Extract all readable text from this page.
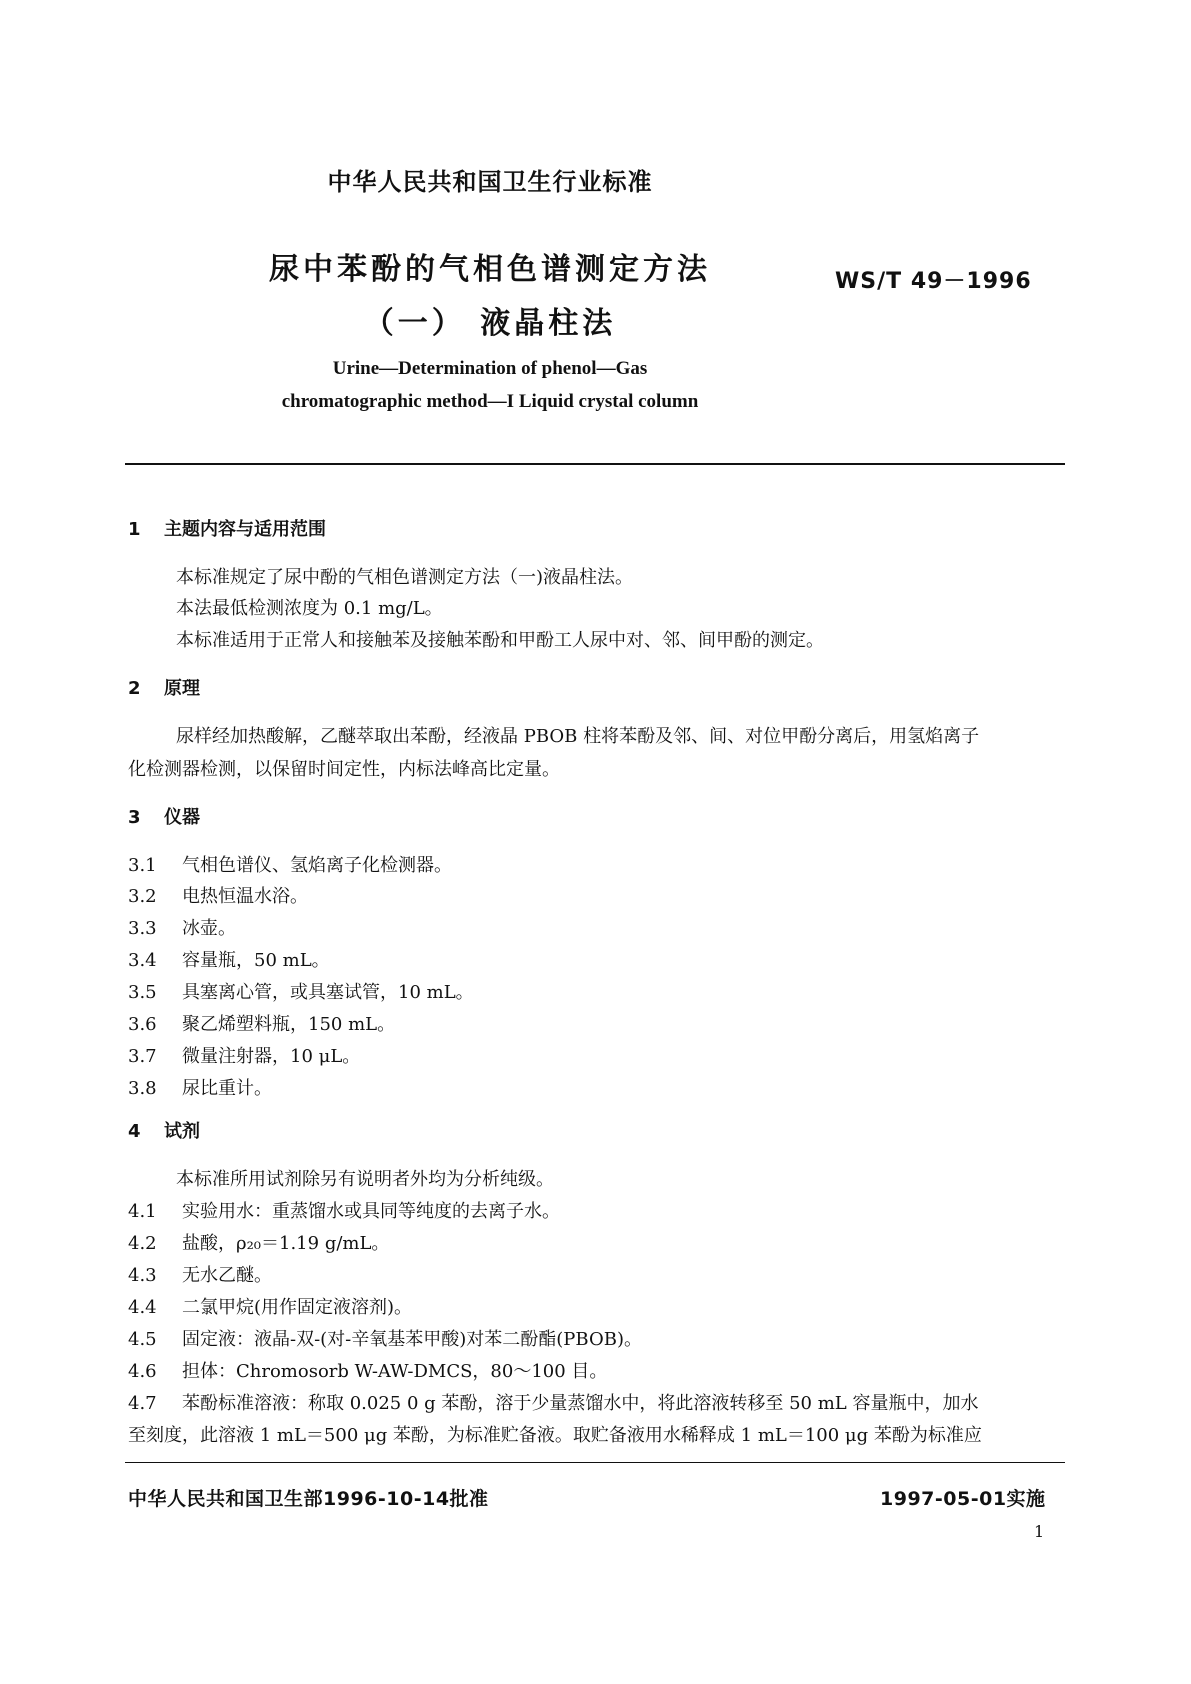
中华人民共和国卫生行业标准
尿中苯酚的气相色谱测定方法
（一） 液晶柱法
WS/T 49－1996
Urine—Determination of phenol—Gas
chromatographic method—I Liquid crystal column
1 主题内容与适用范围
本标准规定了尿中酚的气相色谱测定方法（一)液晶柱法。
本法最低检测浓度为 0.1 mg/L。
本标准适用于正常人和接触苯及接触苯酚和甲酚工人尿中对、邻、间甲酚的测定。
2 原理
尿样经加热酸解，乙醚萃取出苯酚，经液晶 PBOB 柱将苯酚及邻、间、对位甲酚分离后，用氢焰离子
化检测器检测，以保留时间定性，内标法峰高比定量。
3 仪器
3.1 气相色谱仪、氢焰离子化检测器。
3.2 电热恒温水浴。
3.3 冰壶。
3.4 容量瓶，50 mL。
3.5 具塞离心管，或具塞试管，10 mL。
3.6 聚乙烯塑料瓶，150 mL。
3.7 微量注射器，10 μL。
3.8 尿比重计。
4 试剂
本标准所用试剂除另有说明者外均为分析纯级。
4.1 实验用水：重蒸馏水或具同等纯度的去离子水。
4.2 盐酸，ρ₂₀＝1.19 g/mL。
4.3 无水乙醚。
4.4 二氯甲烷(用作固定液溶剂)。
4.5 固定液：液晶-双-(对-辛氧基苯甲酸)对苯二酚酯(PBOB)。
4.6 担体：Chromosorb W-AW-DMCS，80～100 目。
4.7 苯酚标准溶液：称取 0.025 0 g 苯酚，溶于少量蒸馏水中，将此溶液转移至 50 mL 容量瓶中，加水
至刻度，此溶液 1 mL＝500 μg 苯酚，为标准贮备液。取贮备液用水稀释成 1 mL＝100 μg 苯酚为标准应
中华人民共和国卫生部1996-10-14批准	1997-05-01实施
1
